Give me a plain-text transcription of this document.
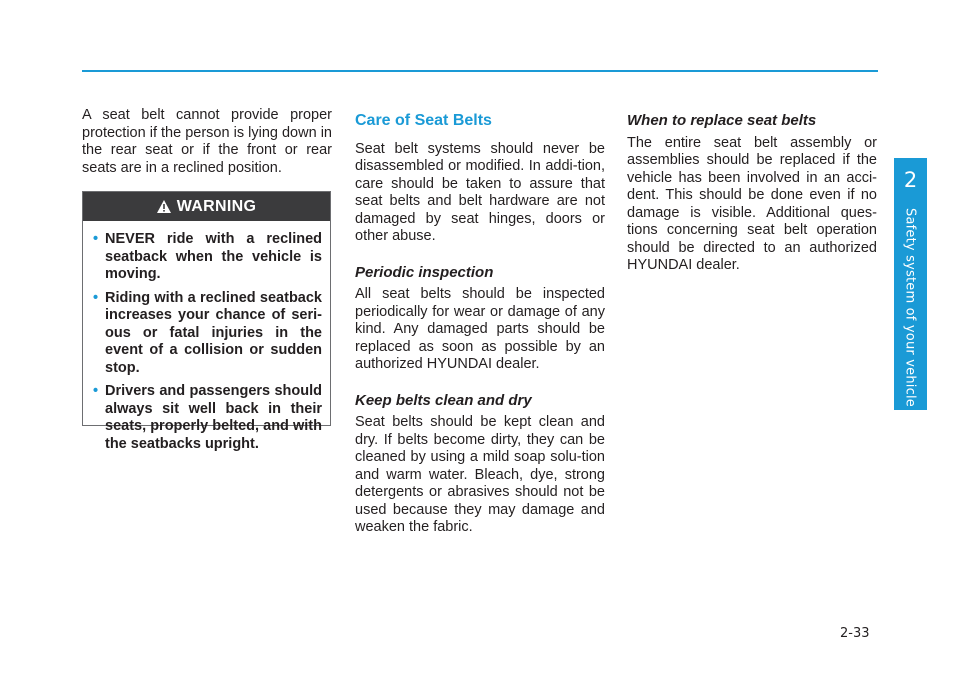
2
Safety system of your vehicle

A seat belt cannot provide proper protection if the person is lying down in the rear seat or if the front or rear seats are in a reclined position.

WARNING
• NEVER ride with a reclined seatback when the vehicle is moving.
• Riding with a reclined seatback increases your chance of seri-ous or fatal injuries in the event of a collision or sudden stop.
• Drivers and passengers should always sit well back in their seats, properly belted, and with the seatbacks upright.
Care of Seat Belts

Seat belt systems should never be disassembled or modified. In addi-tion, care should be taken to assure that seat belts and belt hardware are not damaged by seat hinges, doors or other abuse.

Periodic inspection

All seat belts should be inspected periodically for wear or damage of any kind. Any damaged parts should be replaced as soon as possible by an authorized HYUNDAI dealer.

Keep belts clean and dry

Seat belts should be kept clean and dry. If belts become dirty, they can be cleaned by using a mild soap solu-tion and warm water. Bleach, dye, strong detergents or abrasives should not be used because they may damage and weaken the fabric.

When to replace seat belts

The entire seat belt assembly or assemblies should be replaced if the vehicle has been involved in an acci-dent. This should be done even if no damage is visible. Additional ques-tions concerning seat belt operation should be directed to an authorized HYUNDAI dealer.

2-33
